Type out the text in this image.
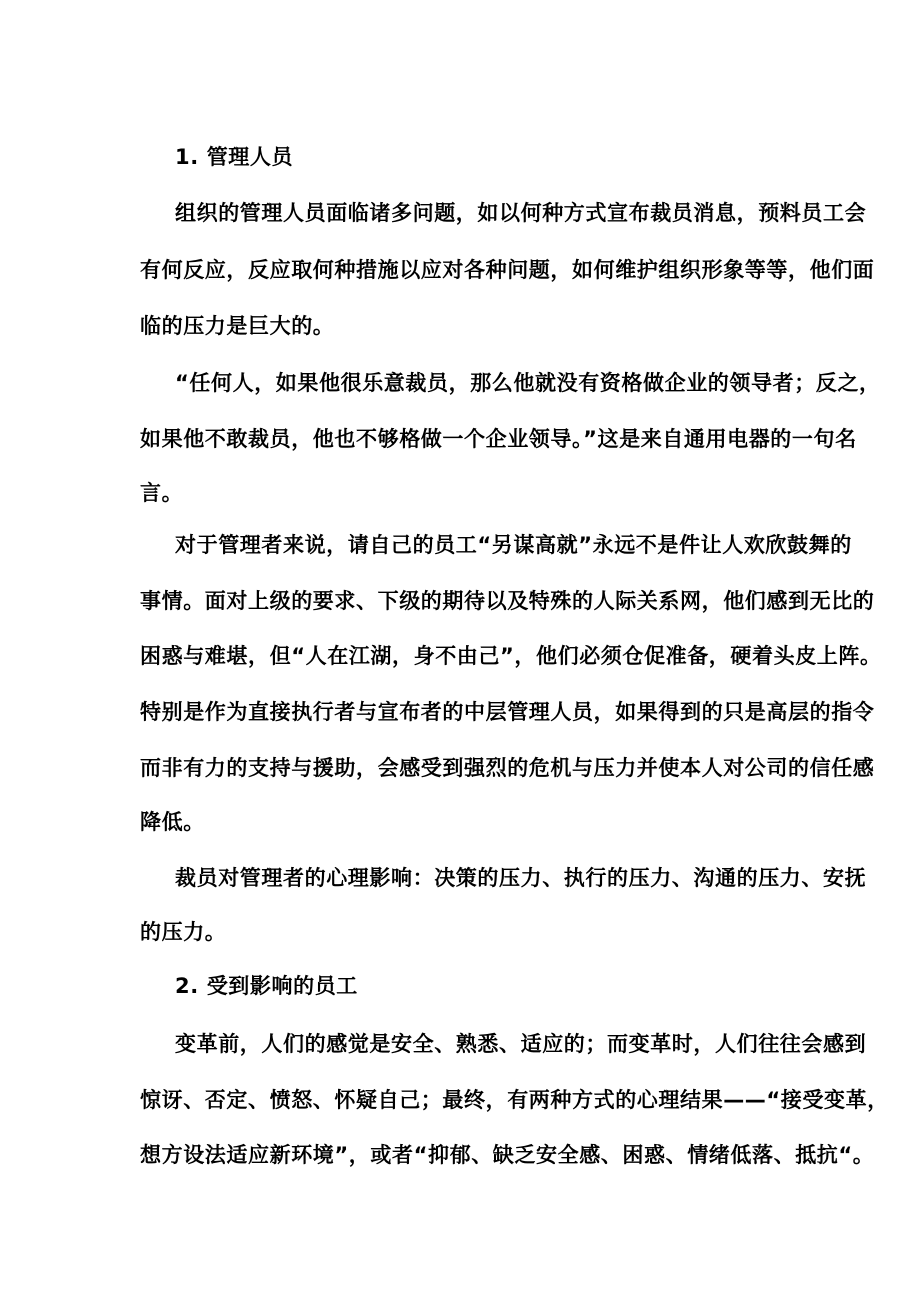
1. 管理人员
组织的管理人员面临诸多问题，如以何种方式宣布裁员消息，预料员工会
有何反应，反应取何种措施以应对各种问题，如何维护组织形象等等，他们面
临的压力是巨大的。
“任何人，如果他很乐意裁员，那么他就没有资格做企业的领导者；反之，
如果他不敢裁员，他也不够格做一个企业领导。”这是来自通用电器的一句名
言。
对于管理者来说，请自己的员工“另谋高就”永远不是件让人欢欣鼓舞的
事情。面对上级的要求、下级的期待以及特殊的人际关系网，他们感到无比的
困惑与难堪，但“人在江湖，身不由己”，他们必须仓促准备，硬着头皮上阵。
特别是作为直接执行者与宣布者的中层管理人员，如果得到的只是高层的指令
而非有力的支持与援助，会感受到强烈的危机与压力并使本人对公司的信任感
降低。
裁员对管理者的心理影响：决策的压力、执行的压力、沟通的压力、安抚
的压力。
2. 受到影响的员工
变革前，人们的感觉是安全、熟悉、适应的；而变革时，人们往往会感到
惊讶、否定、愤怒、怀疑自己；最终，有两种方式的心理结果——“接受变革，
想方设法适应新环境”，或者“抑郁、缺乏安全感、困惑、情绪低落、抵抗“。
